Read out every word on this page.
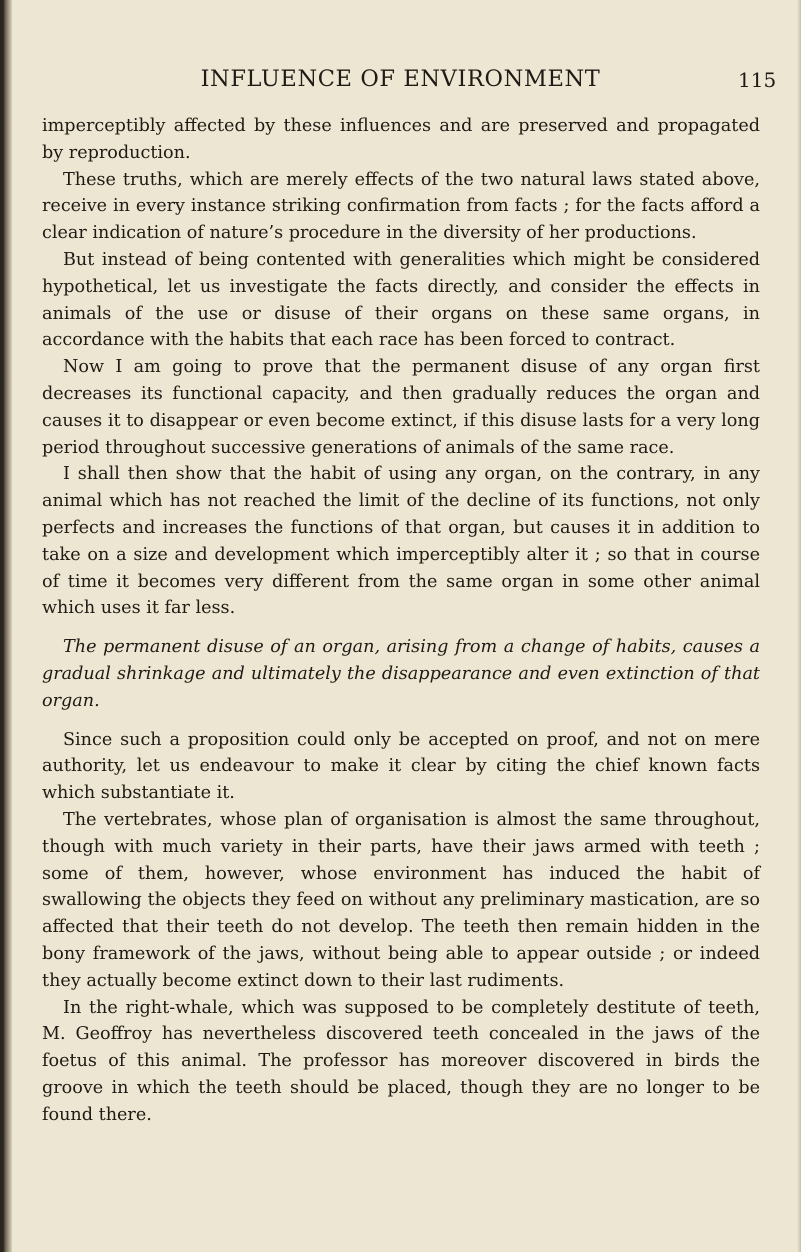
INFLUENCE OF ENVIRONMENT	115

imperceptibly affected by these influences and are preserved and propagated by reproduction.

These truths, which are merely effects of the two natural laws stated above, receive in every instance striking confirmation from facts ; for the facts afford a clear indication of nature’s procedure in the diversity of her productions.

But instead of being contented with generalities which might be considered hypothetical, let us investigate the facts directly, and consider the effects in animals of the use or disuse of their organs on these same organs, in accordance with the habits that each race has been forced to contract.

Now I am going to prove that the permanent disuse of any organ first decreases its functional capacity, and then gradually reduces the organ and causes it to disappear or even become extinct, if this disuse lasts for a very long period throughout successive generations of animals of the same race.

I shall then show that the habit of using any organ, on the contrary, in any animal which has not reached the limit of the decline of its functions, not only perfects and increases the functions of that organ, but causes it in addition to take on a size and development which imperceptibly alter it ; so that in course of time it becomes very different from the same organ in some other animal which uses it far less.

The permanent disuse of an organ, arising from a change of habits, causes a gradual shrinkage and ultimately the disappearance and even extinction of that organ.

Since such a proposition could only be accepted on proof, and not on mere authority, let us endeavour to make it clear by citing the chief known facts which substantiate it.

The vertebrates, whose plan of organisation is almost the same throughout, though with much variety in their parts, have their jaws armed with teeth ; some of them, however, whose environment has induced the habit of swallowing the objects they feed on without any preliminary mastication, are so affected that their teeth do not develop. The teeth then remain hidden in the bony framework of the jaws, without being able to appear outside ; or indeed they actually become extinct down to their last rudiments.

In the right-whale, which was supposed to be completely destitute of teeth, M. Geoffroy has nevertheless discovered teeth concealed in the jaws of the foetus of this animal. The professor has moreover discovered in birds the groove in which the teeth should be placed, though they are no longer to be found there.
